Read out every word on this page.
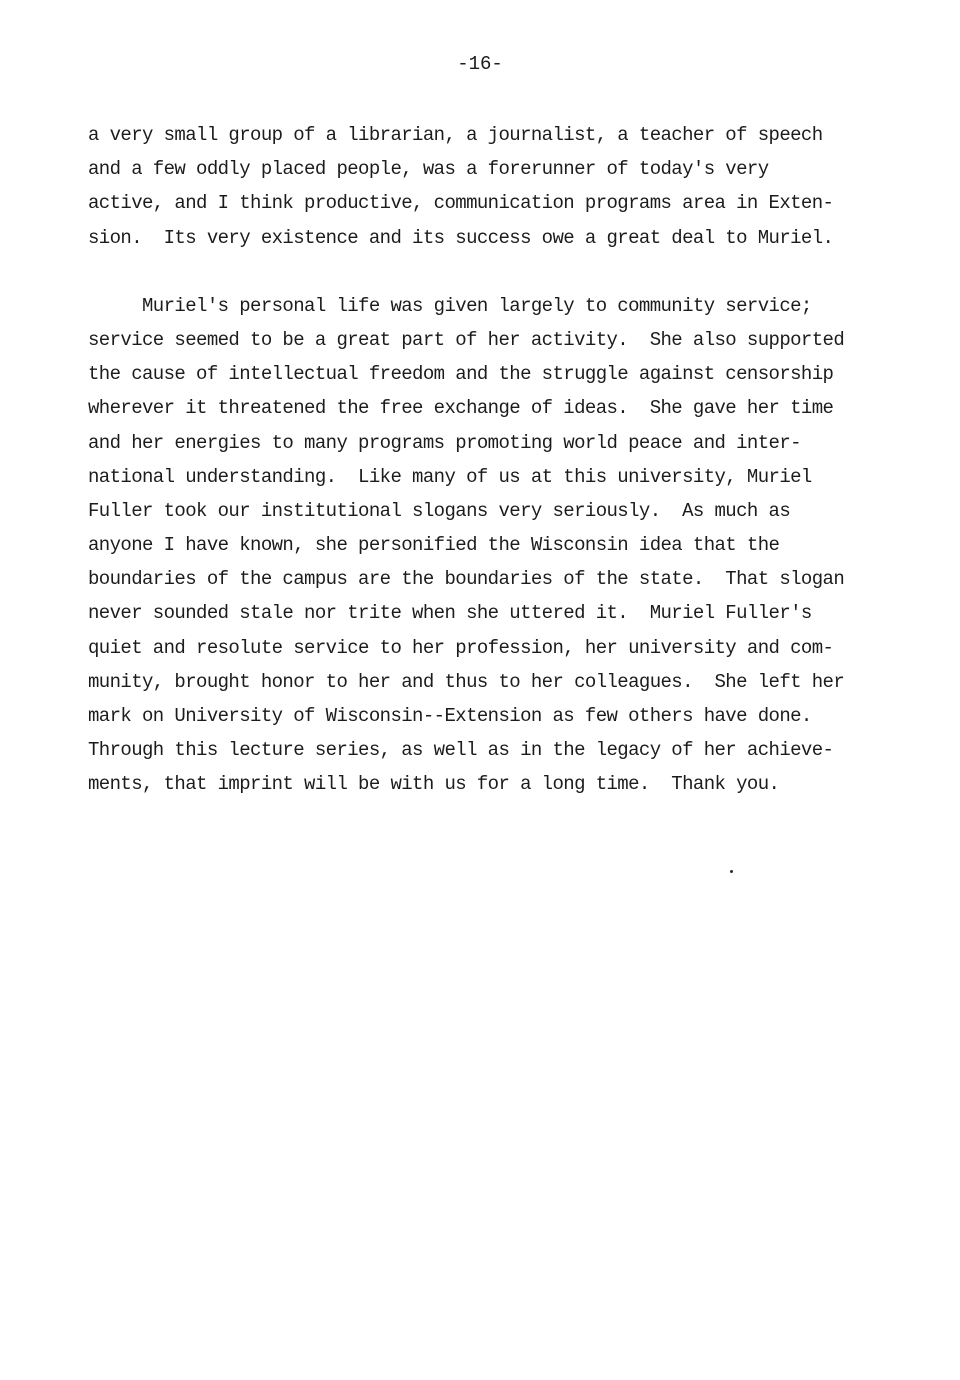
-16-

a very small group of a librarian, a journalist, a teacher of speech
and a few oddly placed people, was a forerunner of today's very
active, and I think productive, communication programs area in Exten-
sion.  Its very existence and its success owe a great deal to Muriel.
Muriel's personal life was given largely to community service;
service seemed to be a great part of her activity.  She also supported
the cause of intellectual freedom and the struggle against censorship
wherever it threatened the free exchange of ideas.  She gave her time
and her energies to many programs promoting world peace and inter-
national understanding.  Like many of us at this university, Muriel
Fuller took our institutional slogans very seriously.  As much as
anyone I have known, she personified the Wisconsin idea that the
boundaries of the campus are the boundaries of the state.  That slogan
never sounded stale nor trite when she uttered it.  Muriel Fuller's
quiet and resolute service to her profession, her university and com-
munity, brought honor to her and thus to her colleagues.  She left her
mark on University of Wisconsin--Extension as few others have done.
Through this lecture series, as well as in the legacy of her achieve-
ments, that imprint will be with us for a long time.  Thank you.
